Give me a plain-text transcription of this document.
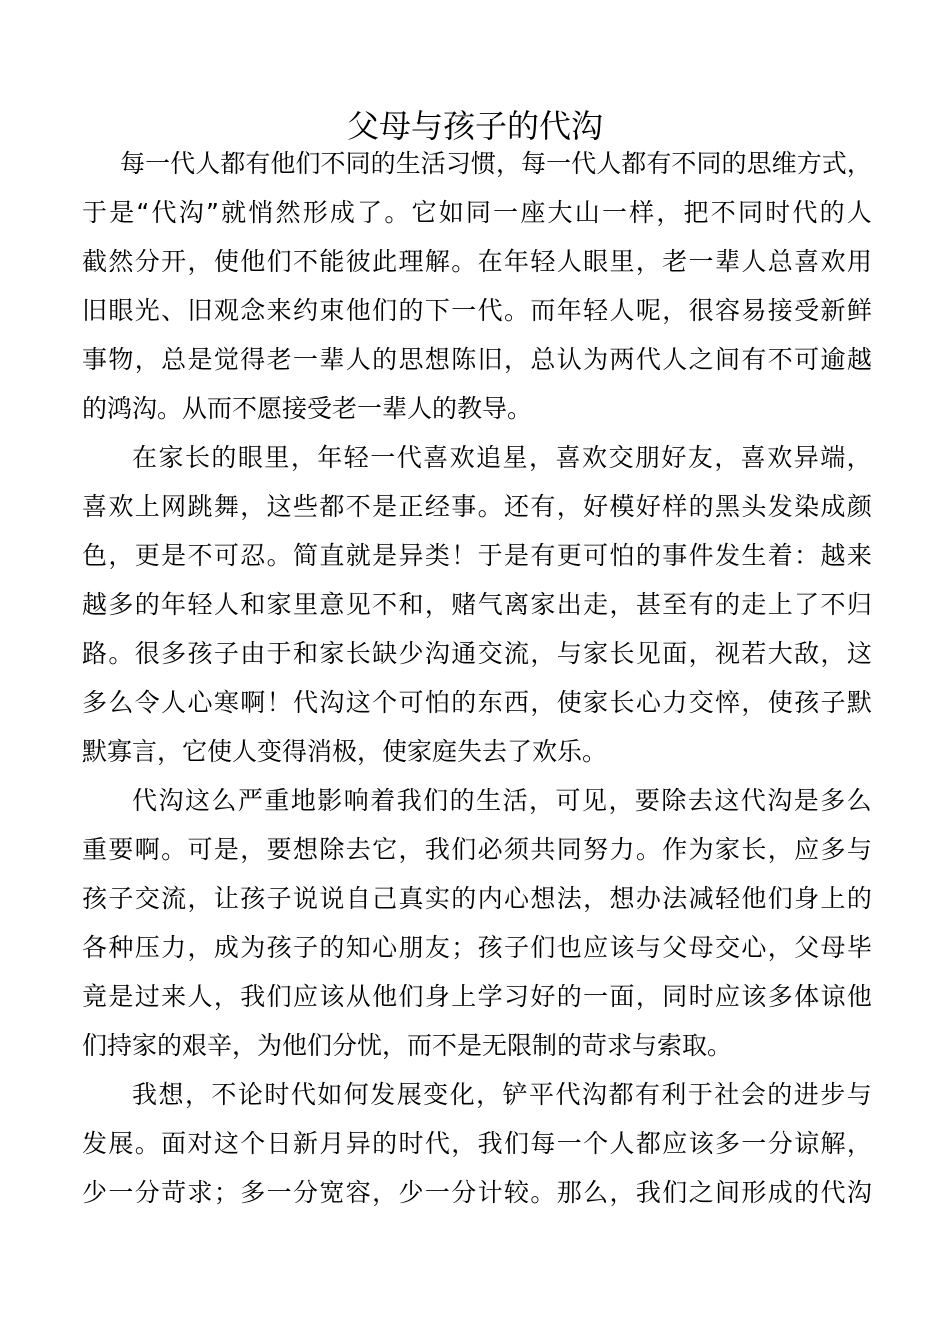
父母与孩子的代沟
每 一 代 人 都 有 他 们 不 同 的 生 活 习 惯 ， 每 一 代 人 都 有 不 同 的 思 维 方 式 ，
于 是 “ 代 沟 ” 就 悄 然 形 成 了 。 它 如 同 一 座 大 山 一 样 ， 把 不 同 时 代 的 人
截 然 分 开 ， 使 他 们 不 能 彼 此 理 解 。 在 年 轻 人 眼 里 ， 老 一 辈 人 总 喜 欢 用
旧 眼 光 、 旧 观 念 来 约 束 他 们 的 下 一 代 。 而 年 轻 人 呢 ， 很 容 易 接 受 新 鲜
事 物 ， 总 是 觉 得 老 一 辈 人 的 思 想 陈 旧 ， 总 认 为 两 代 人 之 间 有 不 可 逾 越
的鸿沟。从而不愿接受老一辈人的教导。
在 家 长 的 眼 里 ， 年 轻 一 代 喜 欢 追 星 ， 喜 欢 交 朋 好 友 ， 喜 欢 异 端 ，
喜 欢 上 网 跳 舞 ， 这 些 都 不 是 正 经 事 。 还 有 ， 好 模 好 样 的 黑 头 发 染 成 颜
色 ， 更 是 不 可 忍 。 简 直 就 是 异 类 ！ 于 是 有 更 可 怕 的 事 件 发 生 着 ： 越 来
越 多 的 年 轻 人 和 家 里 意 见 不 和 ， 赌 气 离 家 出 走 ， 甚 至 有 的 走 上 了 不 归
路 。 很 多 孩 子 由 于 和 家 长 缺 少 沟 通 交 流 ， 与 家 长 见 面 ， 视 若 大 敌 ， 这
多 么 令 人 心 寒 啊 ！ 代 沟 这 个 可 怕 的 东 西 ， 使 家 长 心 力 交 悴 ， 使 孩 子 默
默寡言，它使人变得消极，使家庭失去了欢乐。
代 沟 这 么 严 重 地 影 响 着 我 们 的 生 活 ， 可 见 ， 要 除 去 这 代 沟 是 多 么
重 要 啊 。 可 是 ， 要 想 除 去 它 ， 我 们 必 须 共 同 努 力 。 作 为 家 长 ， 应 多 与
孩 子 交 流 ， 让 孩 子 说 说 自 己 真 实 的 内 心 想 法 ， 想 办 法 减 轻 他 们 身 上 的
各 种 压 力 ， 成 为 孩 子 的 知 心 朋 友 ； 孩 子 们 也 应 该 与 父 母 交 心 ， 父 母 毕
竟 是 过 来 人 ， 我 们 应 该 从 他 们 身 上 学 习 好 的 一 面 ， 同 时 应 该 多 体 谅 他
们持家的艰辛，为他们分忧，而不是无限制的苛求与索取。
我 想 ， 不 论 时 代 如 何 发 展 变 化 ， 铲 平 代 沟 都 有 利 于 社 会 的 进 步 与
发 展 。 面 对 这 个 日 新 月 异 的 时 代 ， 我 们 每 一 个 人 都 应 该 多 一 分 谅 解 ，
少 一 分 苛 求 ； 多 一 分 宽 容 ， 少 一 分 计 较 。 那 么 ， 我 们 之 间 形 成 的 代 沟
